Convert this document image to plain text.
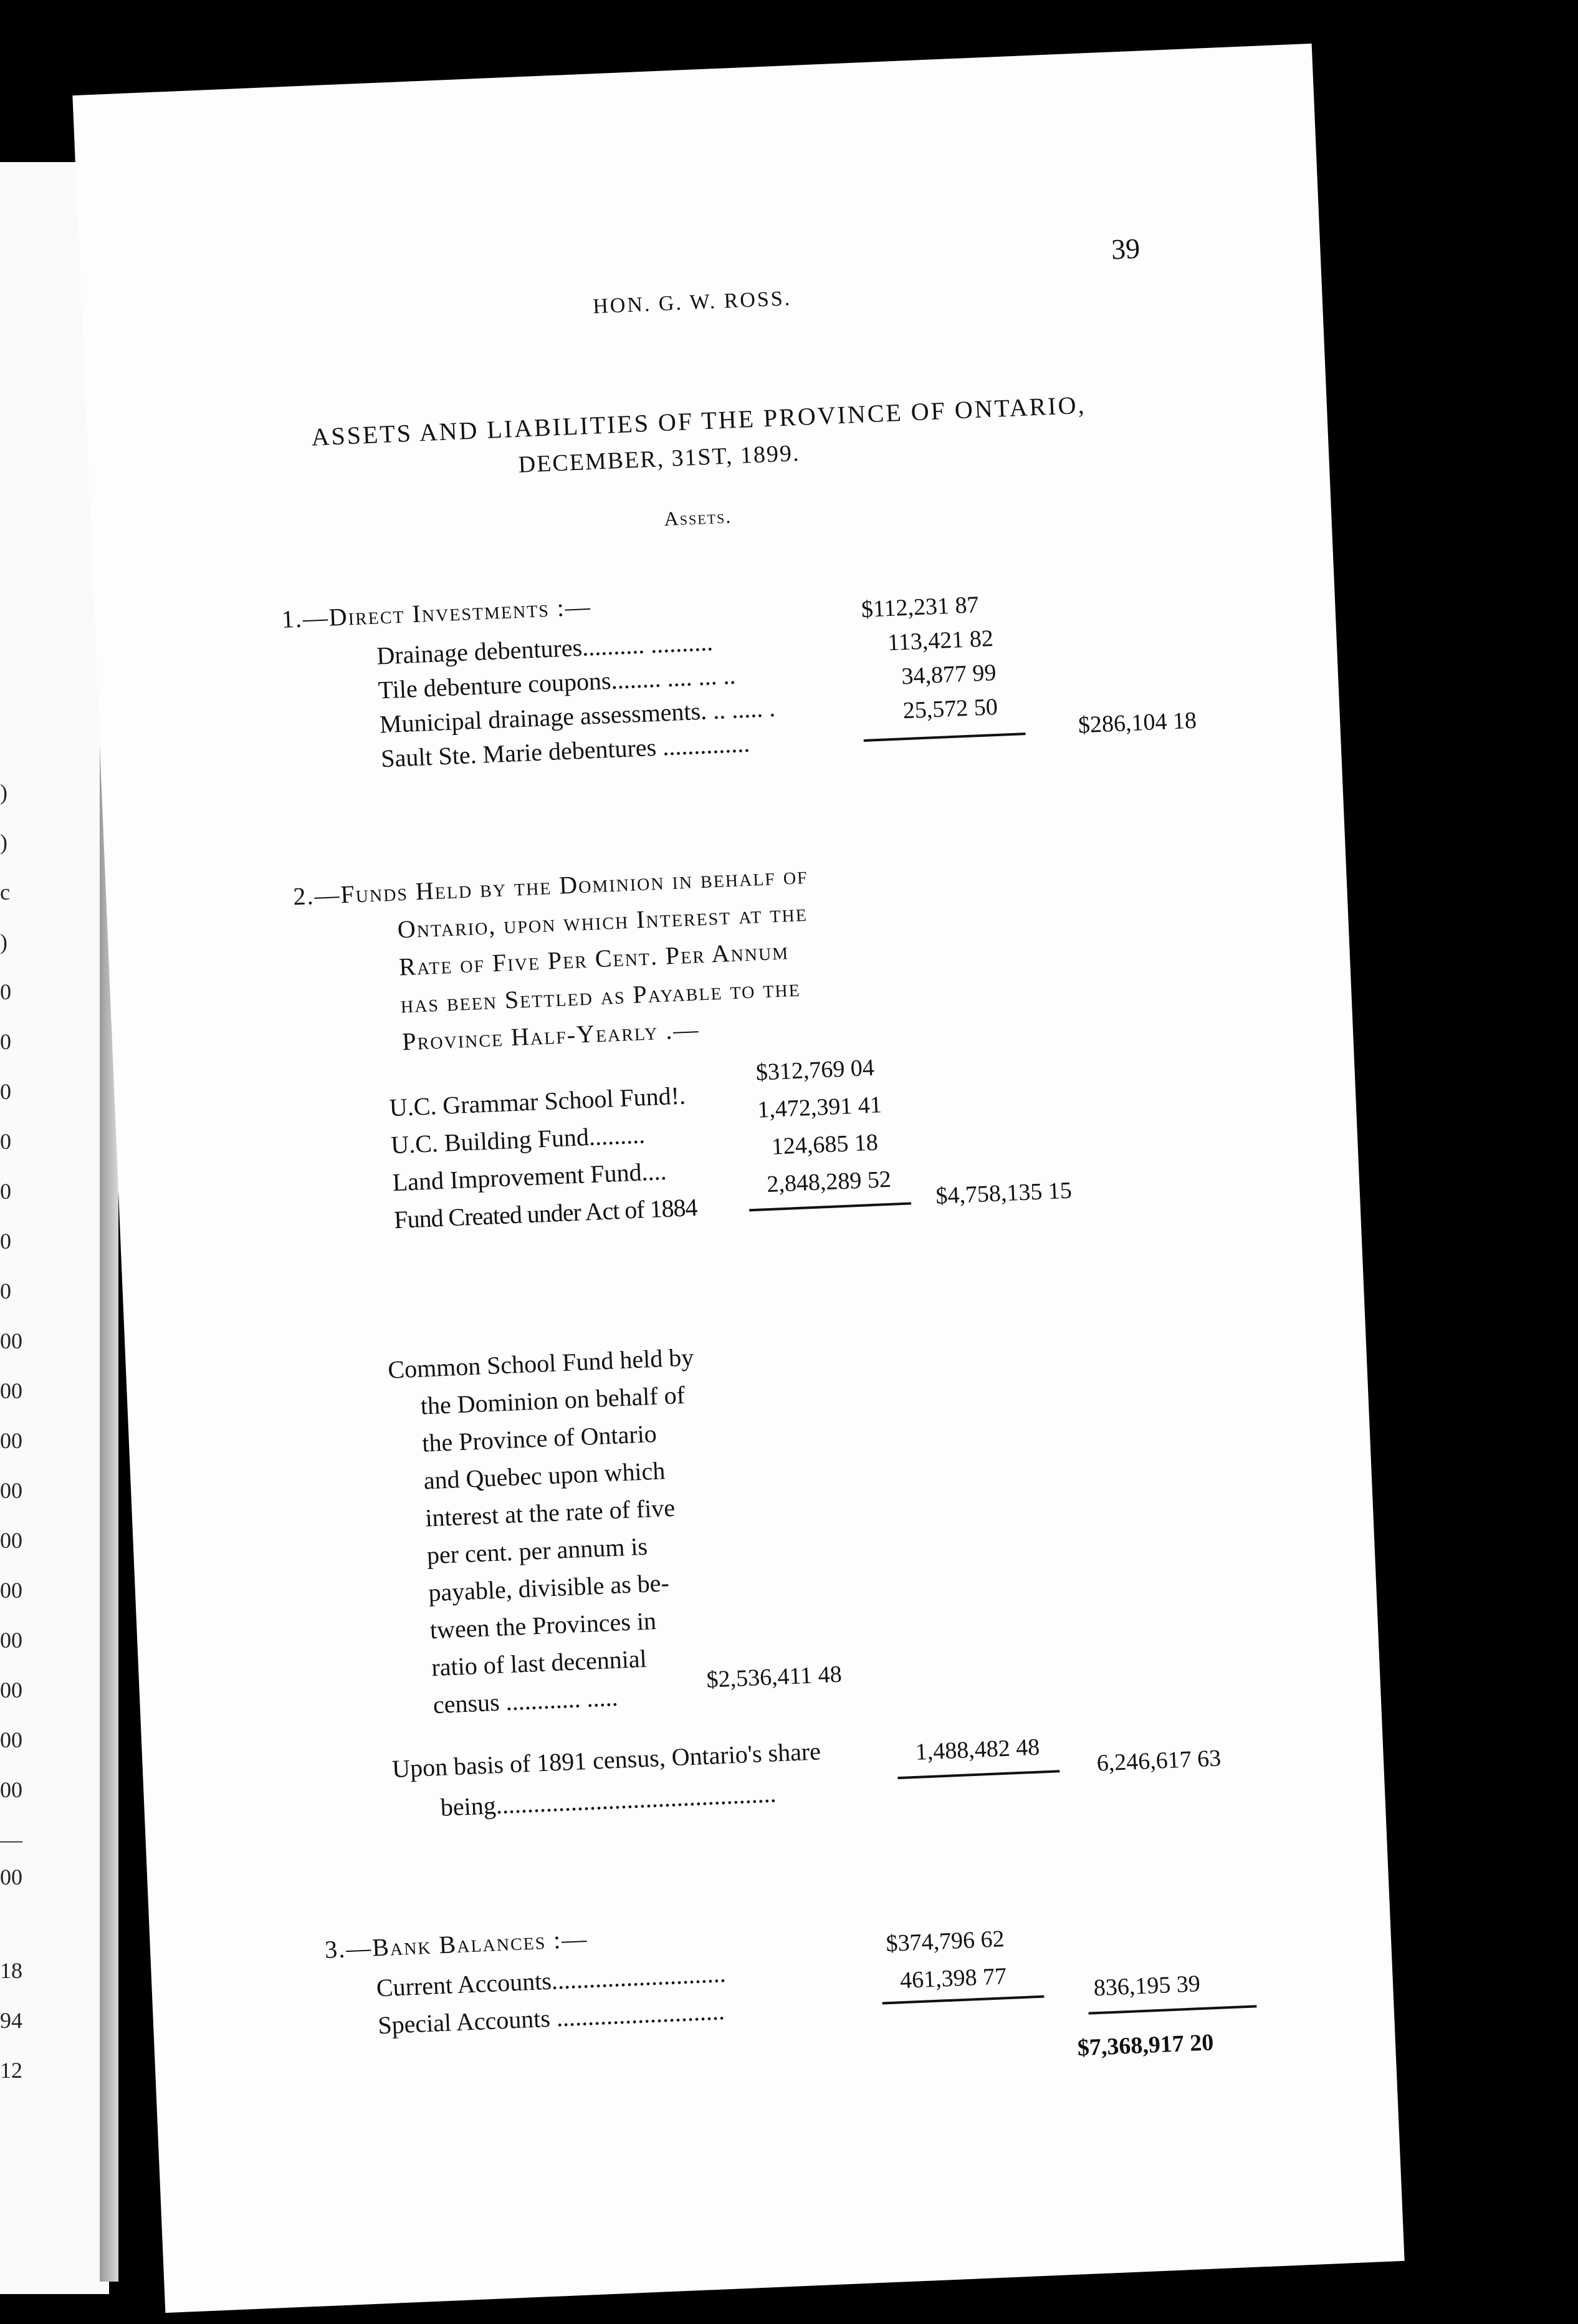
)
)
c
)
0
0
0
0
0
0
0
00
00
00
00
00
00
00
00
00
00
—
00
18
94
12
39
HON. G. W. ROSS.
ASSETS AND LIABILITIES OF THE PROVINCE OF ONTARIO,
DECEMBER, 31ST, 1899.
Assets.
1.—Direct Investments :—
Drainage debentures.......... ..........
Tile debenture coupons........ .... ... ..
Municipal drainage assessments. .. ..... .
Sault Ste. Marie debentures ..............
$112,231 87
113,421 82
34,877 99
25,572 50	$286,104 18
2.—Funds Held by the Dominion in behalf of
Ontario, upon which Interest at the
Rate of Five Per Cent. Per Annum
has been Settled as Payable to the
Province Half-Yearly .—
U.C. Grammar School Fund!.
U.C. Building Fund.........
Land Improvement Fund....
Fund Created under Act of 1884
$312,769 04
1,472,391 41
124,685 18
2,848,289 52 $4,758,135 15
Common School Fund held by
the Dominion on behalf of
the Province of Ontario
and Quebec upon which
interest at the rate of five
per cent. per annum is
payable, divisible as be-
tween the Provinces in
ratio of last decennial
census ............ .....
$2,536,411 48
Upon basis of 1891 census, Ontario's share
being.............................................
1,488,482 48 6,246,617 63
3.—Bank Balances :—
Current Accounts............................
Special Accounts ...........................
$374,796 62
461,398 77	836,195 39
$7,368,917 20
